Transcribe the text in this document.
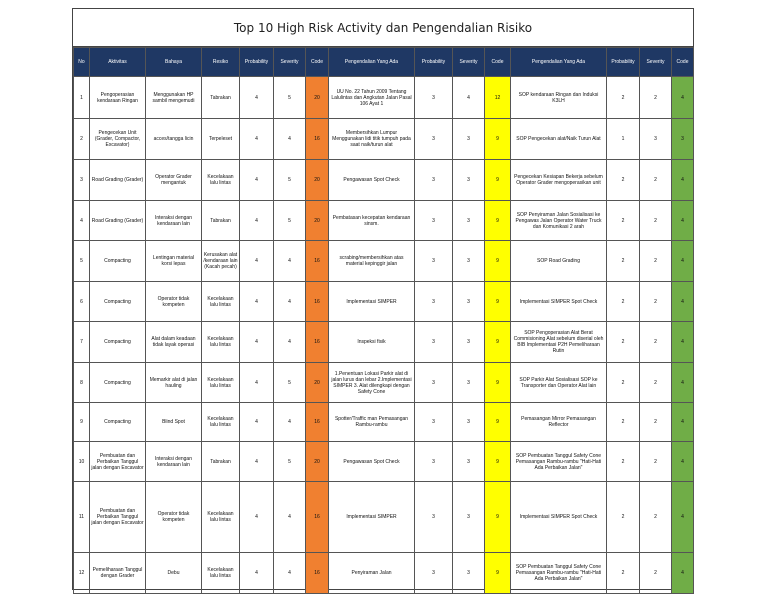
Top 10 High Risk Activity dan Pengendalian Risiko
No	Aktivitas	Bahaya	Resiko	Probability	Severity	Code	Pengendalian Yang Ada	Probability	Severity	Code	Pengendalian Yang Ada	Probability	Severity	Code
1	Pengoperasian kendaraan Ringan	Menggunakan HP sambil mengemudi	Tabrakan	4	5	20	UU No. 22 Tahun 2009 Tentang Lalulintas dan Angkutan Jalan Pasal 106 Ayat 1	3	4	12	SOP kendaraan Ringan dan Induksi K3LH	2	2	4
2	Pengecekan Unit (Grader, Compactor, Excavator)	acces/tangga licin	Terpeleset	4	4	16	Membersihkan Lumpur Menggunakan lidi titik tumpuh pada saat naik/turun alat	3	3	9	SOP Pengecekan alat/Naik Turun Alat	1	3	3
3	Road Grading (Grader)	Operator Grader mengantuk	Kecelakaan lalu lintas	4	5	20	Pengawasan Spot Check	3	3	9	Pengecekan Kesiapan Bekerja sebelum Operator Grader mengoperasikan unit	2	2	4
4	Road Grading (Grader)	Interaksi dengan kendaraan lain	Tabrakan	4	5	20	Pembatasan kecepatan kendaraan sinsm.	3	3	9	SOP Penyiraman Jalan Sosialisasi ke Pengawas Jalan Operator Water Truck dan Komunikasi 2 arah	2	2	4
5	Compacting	Lentingan material korsi lepas	Kerusakan alat /kendaraan lain (Kacah pecah)	4	4	16	scrabing/membersihkan atas material kepinggir jalan	3	3	9	SOP Road Grading	2	2	4
6	Compacting	Operator tidak kompeten	Kecelakaan lalu lintas	4	4	16	Implementasi SIMPER	3	3	9	Implementasi SIMPER Spot Check	2	2	4
7	Compacting	Alat dalam keadaan tidak layak operasi	Kecelakaan lalu lintas	4	4	16	Inspeksi fisik	3	3	9	SOP Pengoperasian Alat Berat Commisioning Alat sebelum diserial oleh BIB Implementasi P2H Pemeliharaan Rutin	2	2	4
8	Compacting	Memarkir alat di jalan hauling	Kecelakaan lalu lintas	4	5	20	1.Penentuan Lokasi Parkir alat di jalan lurus dan lebar 2.Implementasi SIMPER 3. Alat dilengkapi dengan Safety Cone	3	3	9	SOP Parkir Alat Sosialisasi SOP ke Transporter dan Operator Alat lain	2	2	4
9	Compacting	Blind Spot	Kecelakaan lalu lintas	4	4	16	Spotter/Traffic man Pemasangan Rambu-rambu	3	3	9	Pemasangan Mirror Pemasangan Reflector	2	2	4
10	Pembuatan dan Perbaikan Tanggul jalan dengan Excavator	Interaksi dengan kendaraan lain	Tabrakan	4	5	20	Pengawasan Spot Check	3	3	9	SOP Pembuatan Tanggul Safety Cone Pemasangan Rambu-rambu "Hati-Hati Ada Perbaikan Jalan"	2	2	4
11	Pembuatan dan Perbaikan Tanggul jalan dengan Excavator	Operator tidak kompeten	Kecelakaan lalu lintas	4	4	16	Implementasi SIMPER	3	3	9	Implementasi SIMPER Spot Check	2	2	4
12	Pemeliharaan Tanggul dengan Grader	Debu	Kecelakaan lalu lintas	4	4	16	Penyiraman Jalan	3	3	9	SOP Pembuatan Tanggul Safety Cone Pemasangan Rambu-rambu "Hati-Hati Ada Perbaikan Jalan"	2	2	4
